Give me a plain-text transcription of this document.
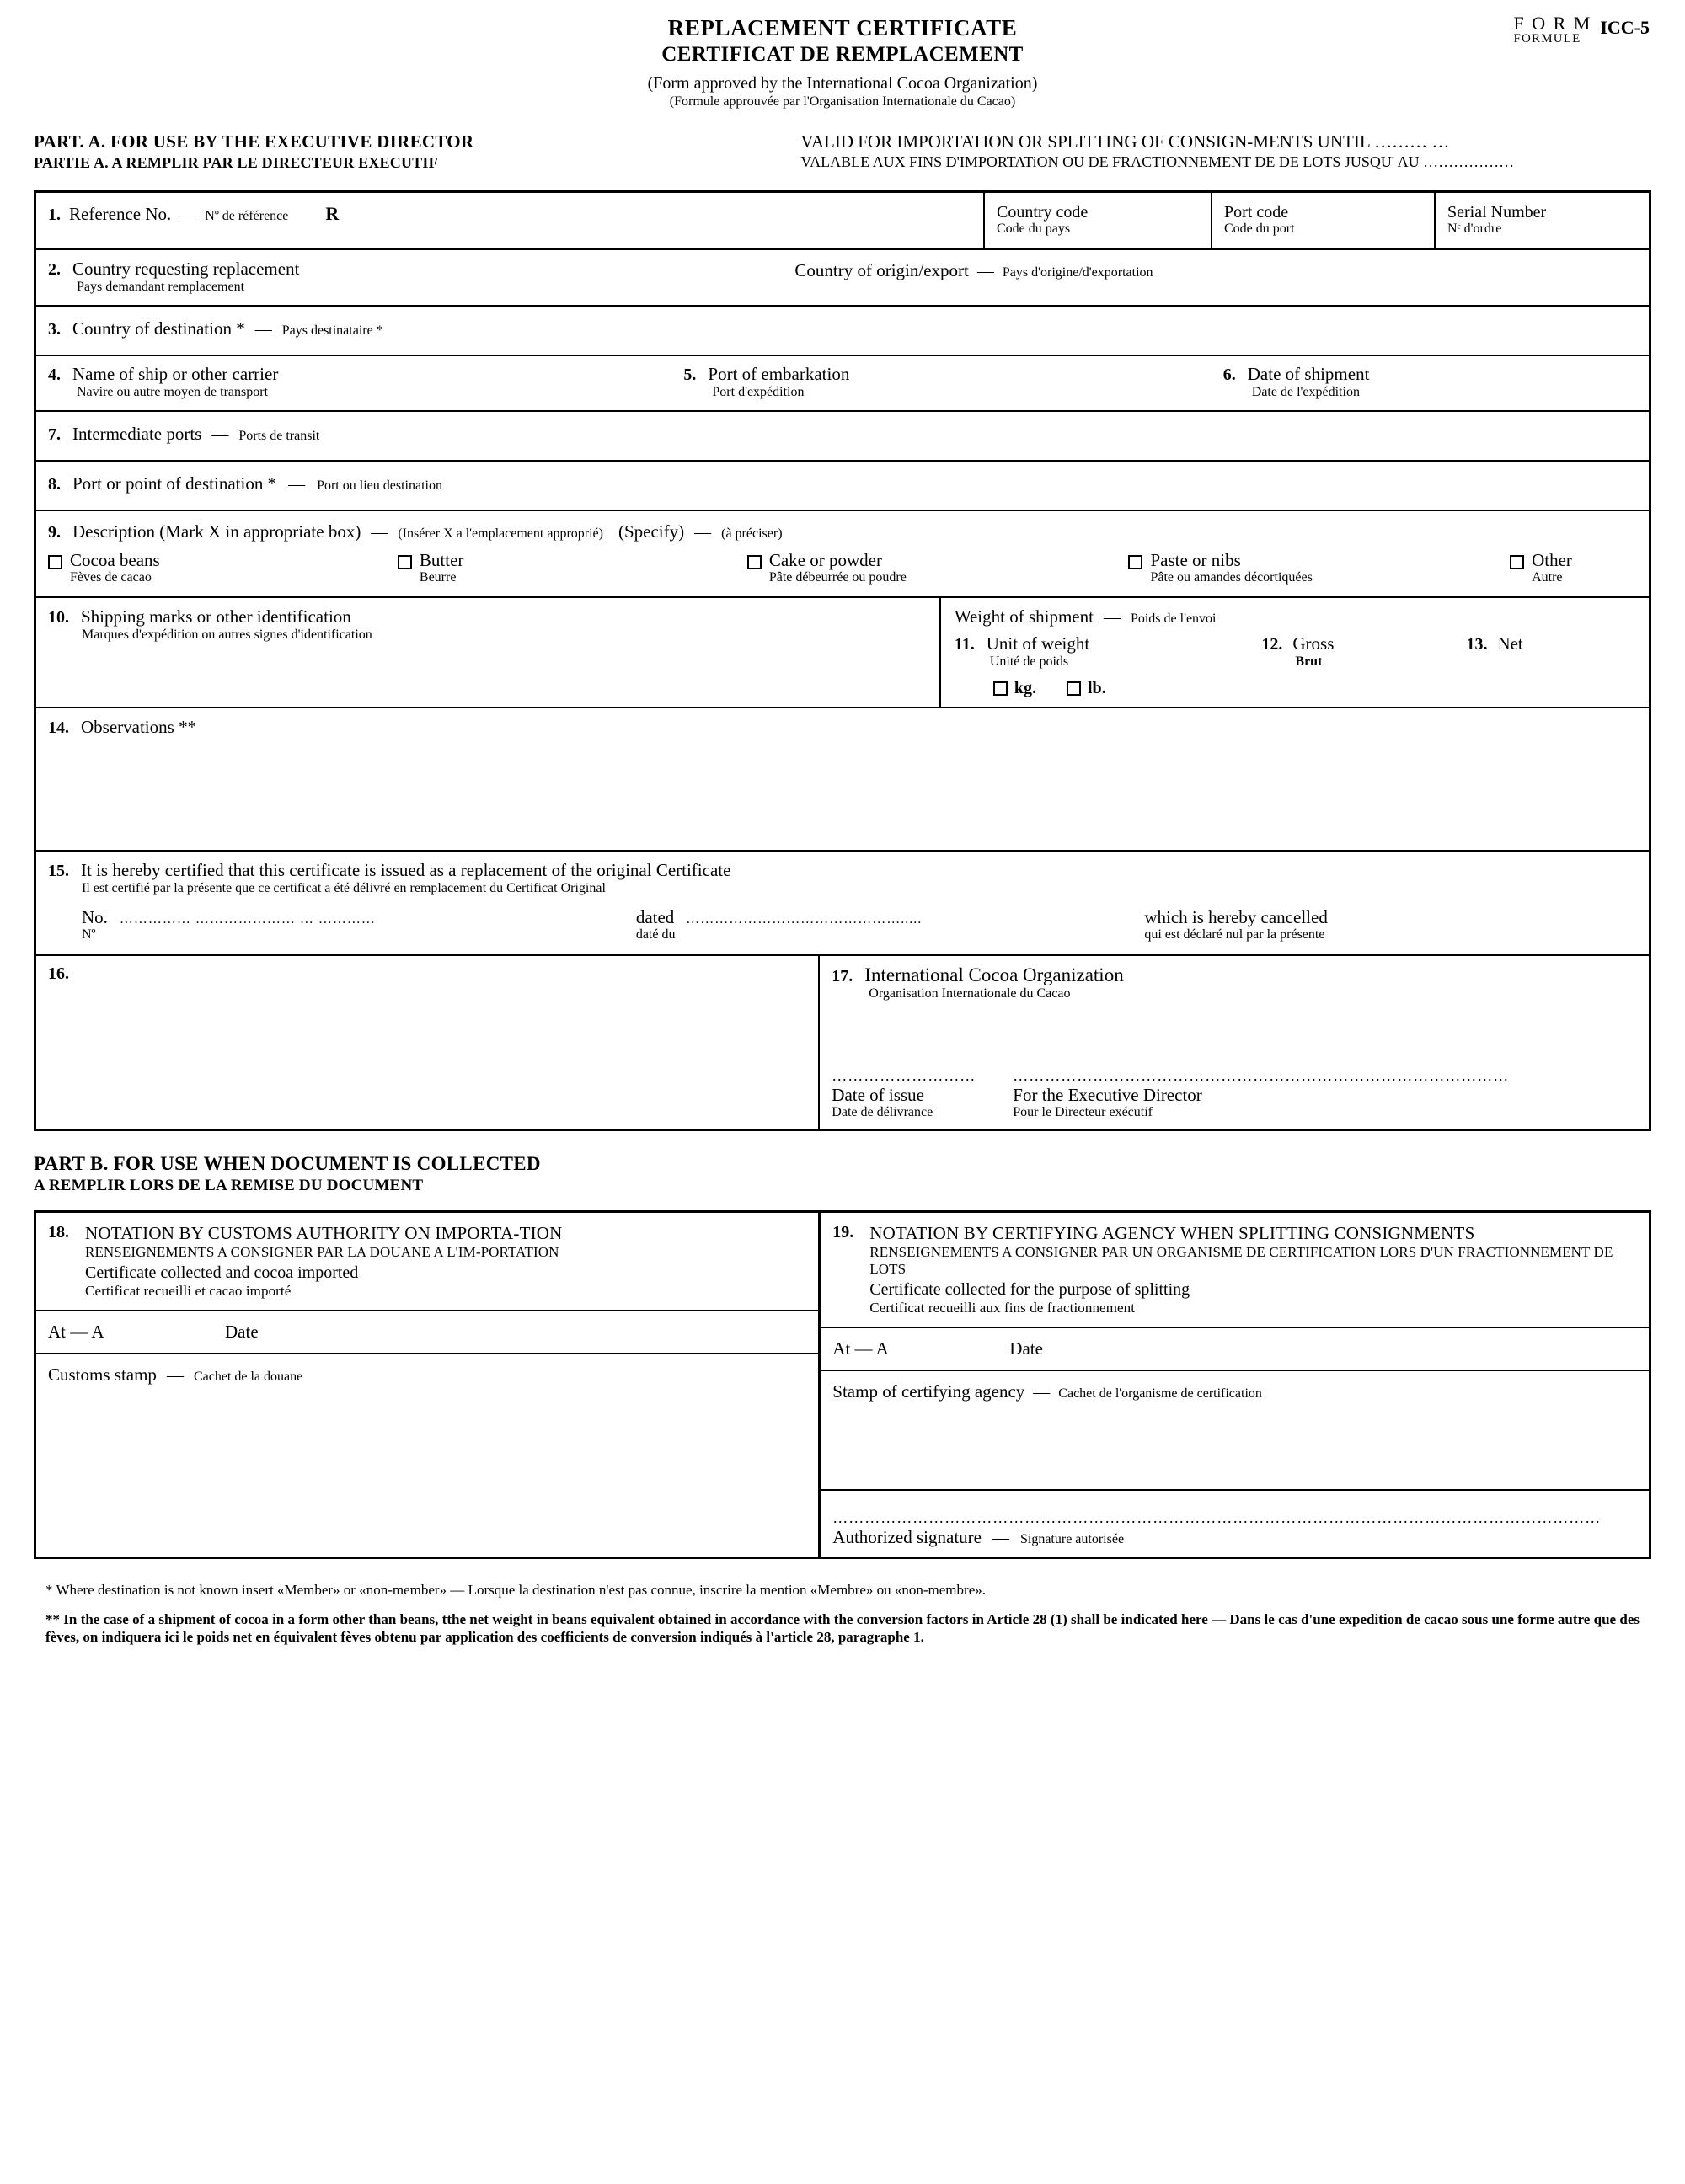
REPLACEMENT CERTIFICATE
CERTIFICAT DE REMPLACEMENT
(Form approved by the International Cocoa Organization)
(Formule approuvée par l'Organisation Internationale du Cacao)
F O R M
FORMULE
ICC-5
PART. A. FOR USE BY THE EXECUTIVE DIRECTOR
PARTIE A. A REMPLIR PAR LE DIRECTEUR EXECUTIF
VALID FOR IMPORTATION OR SPLITTING OF CONSIGN-MENTS UNTIL ……… …
VALABLE AUX FINS D'IMPORTATiON OU DE FRACTIONNEMENT DE DE LOTS JUSQU' AU ………………
1. Reference No. — Nº de référence R	Country code
Code du pays
Port code
Code du port
Serial Number
Nᶜ d'ordre
2. Country requesting replacement
Pays demandant remplacement
Country of origin/export — Pays d'origine/d'exportation
3. Country of destination * — Pays destinataire *
4. Name of ship or other carrier
Navire ou autre moyen de transport
5. Port of embarkation
Port d'expédition
6. Date of shipment
Date de l'expédition
7. Intermediate ports — Ports de transit
8. Port or point of destination * — Port ou lieu destination
9. Description (Mark X in appropriate box) — (Insérer X a l'emplacement approprié) (Specify) — (à préciser)
Cocoa beans
Fèves de cacao
Butter
Beurre
Cake or powder
Pâte débeurrée ou poudre
Paste or nibs
Pâte ou amandes décortiquées
Other
Autre
10. Shipping marks or other identification
Marques d'expédition ou autres signes d'identification
Weight of shipment — Poids de l'envoi
11. Unit of weight
Unité de poids
12. Gross
Brut
13. Net
kg.	lb.
14. Observations **
15. It is hereby certified that this certificate is issued as a replacement of the original Certificate
Il est certifié par la présente que ce certificat a été délivré en remplacement du Certificat Original
No. …………… ………………… … …………
Nº
dated ……………………………………….....
daté du
which is hereby cancelled
qui est déclaré nul par la présente
16.	17. International Cocoa Organization
Organisation Internationale du Cacao
………………………	…………………………………………………………………………………
Date of issue
Date de délivrance
For the Executive Director
Pour le Directeur exécutif
PART B. FOR USE WHEN DOCUMENT IS COLLECTED
A REMPLIR LORS DE LA REMISE DU DOCUMENT
18. NOTATION BY CUSTOMS AUTHORITY ON IMPORTA-TION
RENSEIGNEMENTS A CONSIGNER PAR LA DOUANE A L'IM-PORTATION
Certificate collected and cocoa imported
Certificat recueilli et cacao importé
At — A	Date
Customs stamp — Cachet de la douane
19. NOTATION BY CERTIFYING AGENCY WHEN SPLITTING CONSIGNMENTS
RENSEIGNEMENTS A CONSIGNER PAR UN ORGANISME DE CERTIFICATION LORS D'UN FRACTIONNEMENT DE LOTS
Certificate collected for the purpose of splitting
Certificat recueilli aux fins de fractionnement
At — A	Date
Stamp of certifying agency — Cachet de l'organisme de certification
………………………………………………………………………………………………………………………………
Authorized signature — Signature autorisée
* Where destination is not known insert «Member» or «non-member» — Lorsque la destination n'est pas connue, inscrire la mention «Membre» ou «non-membre».
** In the case of a shipment of cocoa in a form other than beans, tthe net weight in beans equivalent obtained in accordance with the conversion factors in Article 28 (1) shall be indicated here — Dans le cas d'une expedition de cacao sous une forme autre que des fèves, on indiquera ici le poids net en équivalent fèves obtenu par application des coefficients de conversion indiqués à l'article 28, paragraphe 1.
